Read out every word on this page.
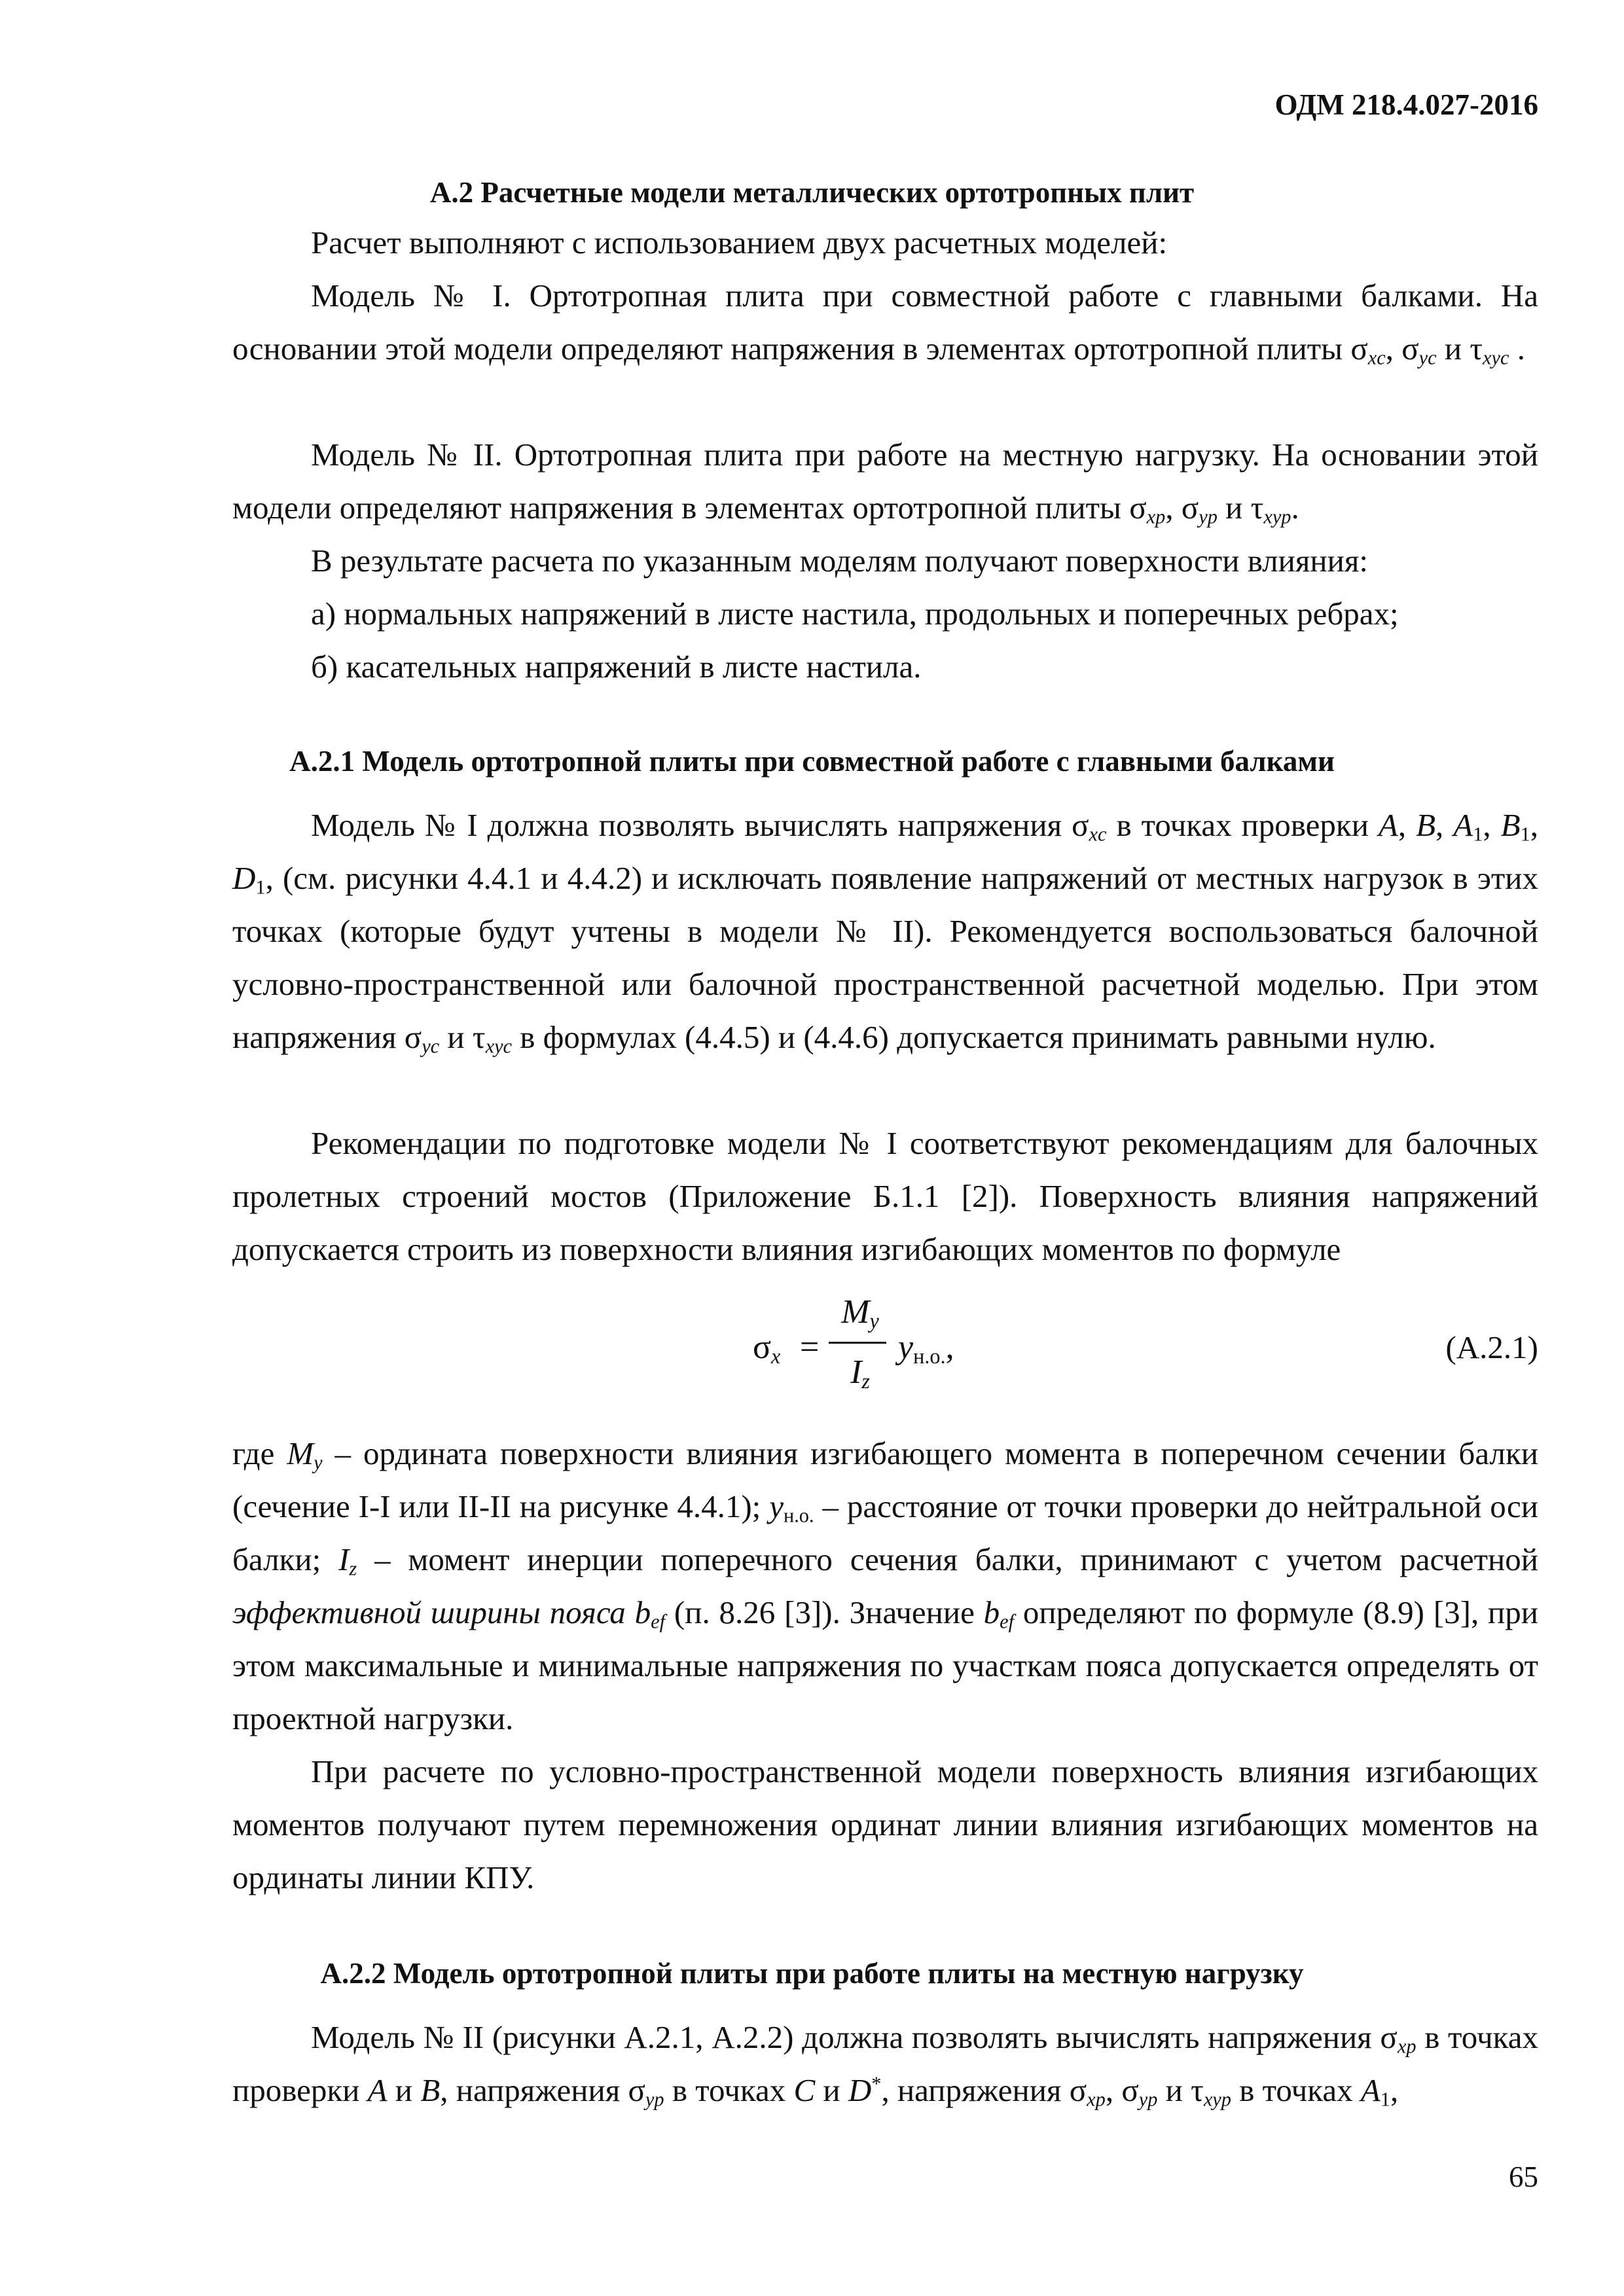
ОДМ 218.4.027-2016
А.2 Расчетные модели металлических ортотропных плит
Расчет выполняют с использованием двух расчетных моделей:
Модель № I. Ортотропная плита при совместной работе с главными балками. На основании этой модели определяют напряжения в элементах ортотропной плиты σxc, σyc и τxyc .
Модель № II. Ортотропная плита при работе на местную нагрузку. На основании этой модели определяют напряжения в элементах ортотропной плиты σxp, σyp и τxyp.
В результате расчета по указанным моделям получают поверхности влияния:
а) нормальных напряжений в листе настила, продольных и поперечных ребрах;
б) касательных напряжений в листе настила.
А.2.1 Модель ортотропной плиты при совместной работе с главными балками
Модель № I должна позволять вычислять напряжения σxc в точках проверки A, B, A1, B1, D1, (см. рисунки 4.4.1 и 4.4.2) и исключать появление напряжений от местных нагрузок в этих точках (которые будут учтены в модели № II). Рекомендуется воспользоваться балочной условно-пространственной или балочной пространственной расчетной моделью. При этом напряжения σyc и τxyc в формулах (4.4.5) и (4.4.6) допускается принимать равными нулю.
Рекомендации по подготовке модели № I соответствуют рекомендациям для балочных пролетных строений мостов (Приложение Б.1.1 [2]). Поверхность влияния напряжений допускается строить из поверхности влияния изгибающих моментов по формуле
σx =
My
Iz
yн.о.,	(А.2.1)
где My – ордината поверхности влияния изгибающего момента в поперечном сечении балки (сечение I-I или II-II на рисунке 4.4.1); yн.о. – расстояние от точки проверки до нейтральной оси балки; Iz – момент инерции поперечного сечения балки, принимают с учетом расчетной эффективной ширины пояса bef (п. 8.26 [3]). Значение bef определяют по формуле (8.9) [3], при этом максимальные и минимальные напряжения по участкам пояса допускается определять от проектной нагрузки.
При расчете по условно-пространственной модели поверхность влияния изгибающих моментов получают путем перемножения ординат линии влияния изгибающих моментов на ординаты линии КПУ.
А.2.2 Модель ортотропной плиты при работе плиты на местную нагрузку
Модель № II (рисунки А.2.1, А.2.2) должна позволять вычислять напряжения σxp в точках проверки A и B, напряжения σyp в точках C и D*, напряжения σxp, σyp и τxyp в точках A1,
65
